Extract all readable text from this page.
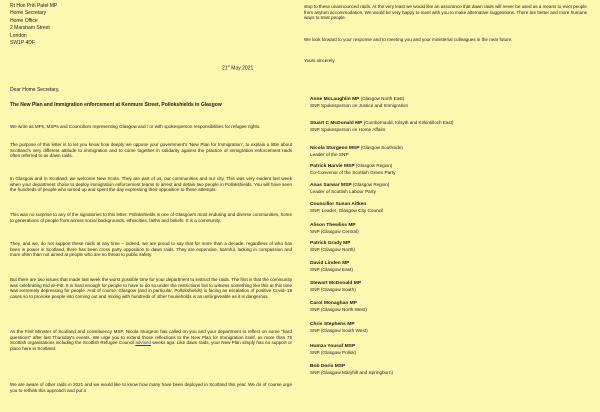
Rt Hon Priti Patel MP
Home Secretary
Home Office
2 Marsham Street
London
SW1P 4DF
21st May 2021
Dear Home Secretary,
The New Plan and Immigration enforcement at Kenmure Street, Pollokshields in Glasgow

We write as MPs, MSPs and Councillors representing Glasgow and / or with spokesperson responsibilities for refugee rights.

The purpose of this letter is to let you know how deeply we oppose your government's 'New Plan for Immigration', to explain a little about Scotland's very different attitude to immigration and to come together in solidarity against the practice of immigration enforcement raids often referred to as dawn raids.

In Glasgow and in Scotland, we welcome New Scots. They are part of us, our communities and our city. This was very evident last week when your department chose to deploy immigration enforcement teams to arrest and detain two people in Pollokshields. You will have seen the hundreds of people who turned up and spent the day expressing their opposition to these attempts.

This was no surprise to any of the signatories to this letter. Pollokshields is one of Glasgow's most enduring and diverse communities, home to generations of people from across social backgrounds, ethnicities, faiths and beliefs. It is a community.

They, and we, do not support these raids at any time – indeed, we are proud to say that for more than a decade, regardless of who has been in power in Scotland, there has been cross party opposition to dawn raids. They are expensive, harmful, lacking in compassion and more often than not aimed at people who are no threat to public safety.

But there are two issues that made last week the worst possible time for your department to instruct the raids. The first is that the community was celebrating Eid al–Fitr. It is hard enough for people to have to do so under the restrictions but to witness something like this at this time was extremely depressing for people. And of course, Glasgow (and in particular, Pollokshields) is facing an escalation of positive Covid–19 cases so to provoke people into coming out and mixing with hundreds of other households is as unforgiveable as it is dangerous.

As the First Minister of Scotland and constituency MSP, Nicola Sturgeon has called on you and your department to reflect on some "hard questions" after last Thursday's events. We urge you to extend those reflections to the New Plan for Immigration itself, as more than 75 Scottish organisations including the Scottish Refugee Council advised weeks ago. Like dawn raids, your New Plan simply has no support or place here in Scotland.

We are aware of other raids in 2021 and we would like to know how many have been deployed in Scotland this year. We do of course urge you to rethink this approach and put a

stop to these unannounced raids. At the very least we would like an assurance that dawn raids will never be used as a means to evict people from asylum accommodation. We would be very happy to meet with you to make alternative suggestions. There are better and more humane ways to treat people.

We look forward to your response and to meeting you and your ministerial colleagues in the near future.

Yours sincerely
Anne McLaughlin MP (Glasgow North East)
SNP Spokesperson on Justice and Immigration
Stuart C McDonald MP (Cumbernauld, Kilsyth and Kirkintilloch East)
SNP Spokesperson on Home Affairs
Nicola Sturgeon MSP (Glasgow Southside)
Leader of the SNP
Patrick Harvie MSP (Glasgow Region)
Co-Convenor of the Scottish Green Party
Anas Sarwar MSP (Glasgow Region)
Leader of Scottish Labour Party
Councillor Susan Aitken
SNP, Leader, Glasgow City Council
Alison Thewliss MP
SNP (Glasgow Central)
Patrick Grady MP
SNP (Glasgow North)
David Linden MP
SNP (Glasgow East)
Stewart McDonald MP
SNP (Glasgow South)
Carol Monaghan MP
SNP (Glasgow North West)
Chris Stephens MP
SNP (Glasgow South West)
Humza Yousaf MSP
SNP (Glasgow Pollok)
Bob Doris MSP
SNP (Glasgow Maryhill and Springburn)
